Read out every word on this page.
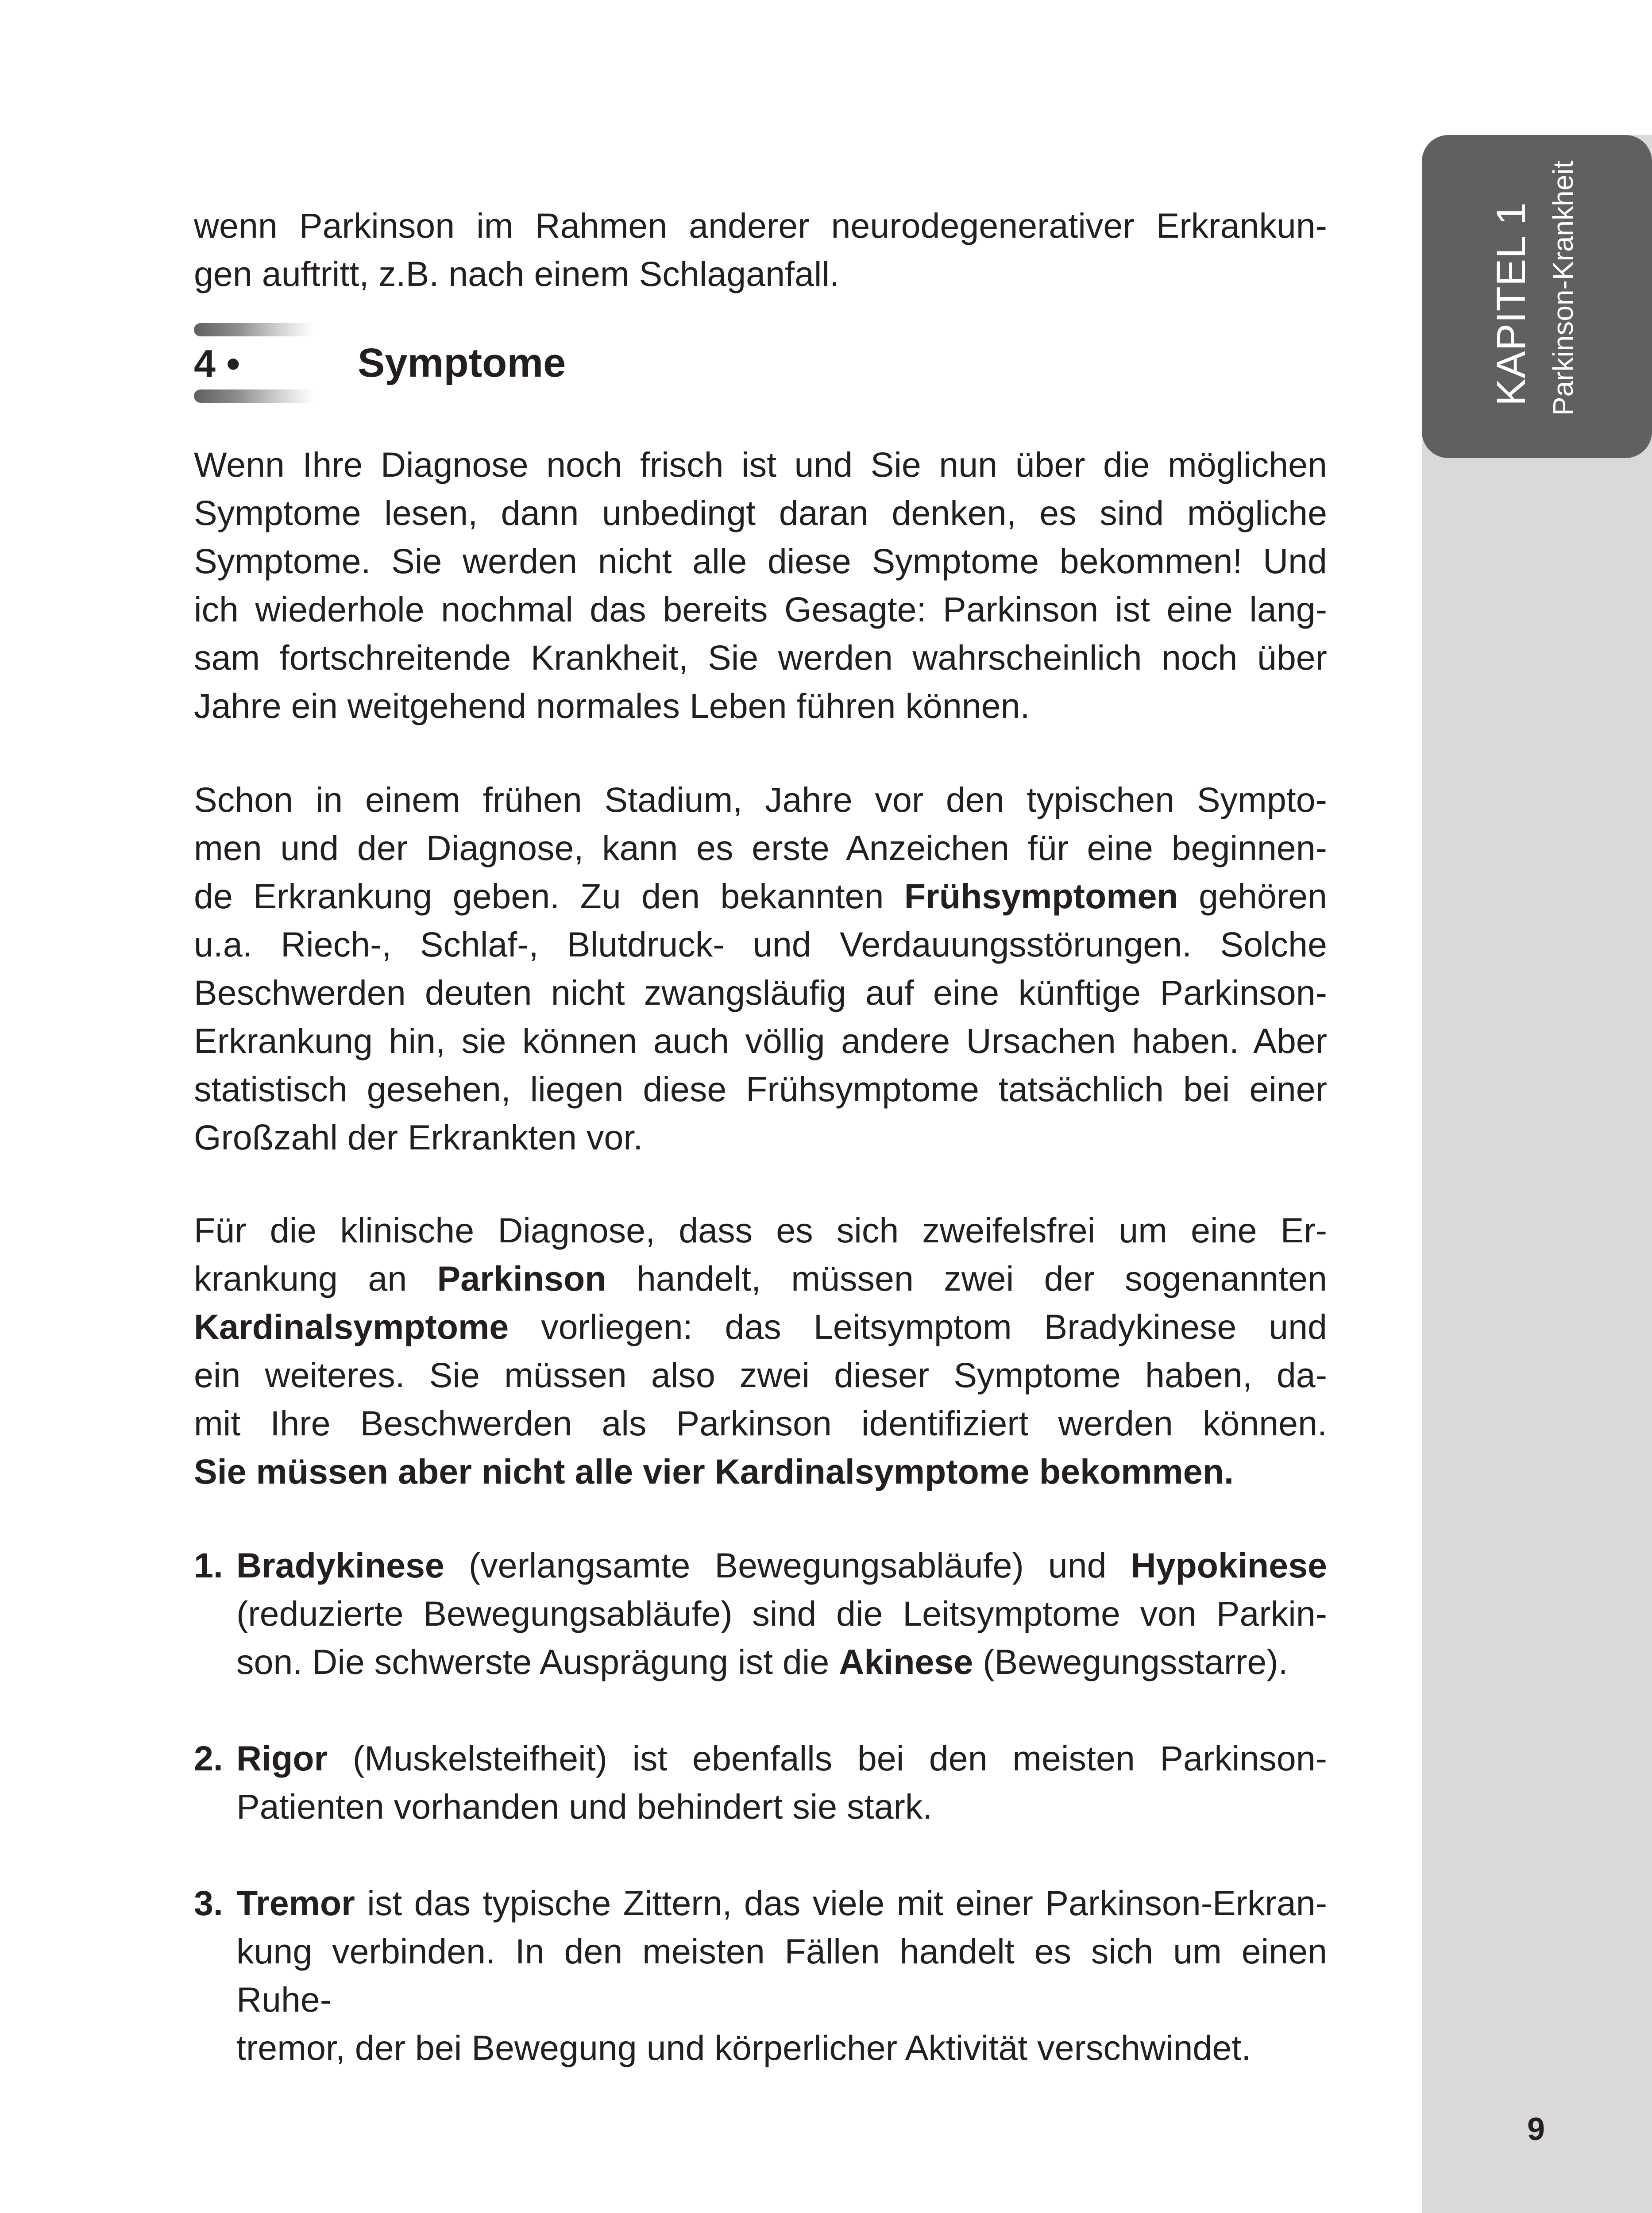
KAPITEL 1 Parkinson-Krankheit
9

wenn Parkinson im Rahmen anderer neurodegenerativer Erkrankun-
gen auftritt, z.B. nach einem Schlaganfall.

4 •	Symptome

Wenn Ihre Diagnose noch frisch ist und Sie nun über die möglichen
Symptome lesen, dann unbedingt daran denken, es sind mögliche
Symptome. Sie werden nicht alle diese Symptome bekommen! Und
ich wiederhole nochmal das bereits Gesagte: Parkinson ist eine lang-
sam fortschreitende Krankheit, Sie werden wahrscheinlich noch über
Jahre ein weitgehend normales Leben führen können.

Schon in einem frühen Stadium, Jahre vor den typischen Sympto-
men und der Diagnose, kann es erste Anzeichen für eine beginnen-
de Erkrankung geben. Zu den bekannten Frühsymptomen gehören
u.a. Riech-, Schlaf-, Blutdruck- und Verdauungsstörungen. Solche
Beschwerden deuten nicht zwangsläufig auf eine künftige Parkinson-
Erkrankung hin, sie können auch völlig andere Ursachen haben. Aber
statistisch gesehen, liegen diese Frühsymptome tatsächlich bei einer
Großzahl der Erkrankten vor.

Für die klinische Diagnose, dass es sich zweifelsfrei um eine Er-
krankung an Parkinson handelt, müssen zwei der sogenannten
Kardinalsymptome vorliegen: das Leitsymptom Bradykinese und
ein weiteres. Sie müssen also zwei dieser Symptome haben, da-
mit Ihre Beschwerden als Parkinson identifiziert werden können.
Sie müssen aber nicht alle vier Kardinalsymptome bekommen.

1. Bradykinese (verlangsamte Bewegungsabläufe) und Hypokinese
(reduzierte Bewegungsabläufe) sind die Leitsymptome von Parkin-
son. Die schwerste Ausprägung ist die Akinese (Bewegungsstarre).
2. Rigor (Muskelsteifheit) ist ebenfalls bei den meisten Parkinson-
Patienten vorhanden und behindert sie stark.
3. Tremor ist das typische Zittern, das viele mit einer Parkinson-Erkran-
kung verbinden. In den meisten Fällen handelt es sich um einen Ruhe-
tremor, der bei Bewegung und körperlicher Aktivität verschwindet.
